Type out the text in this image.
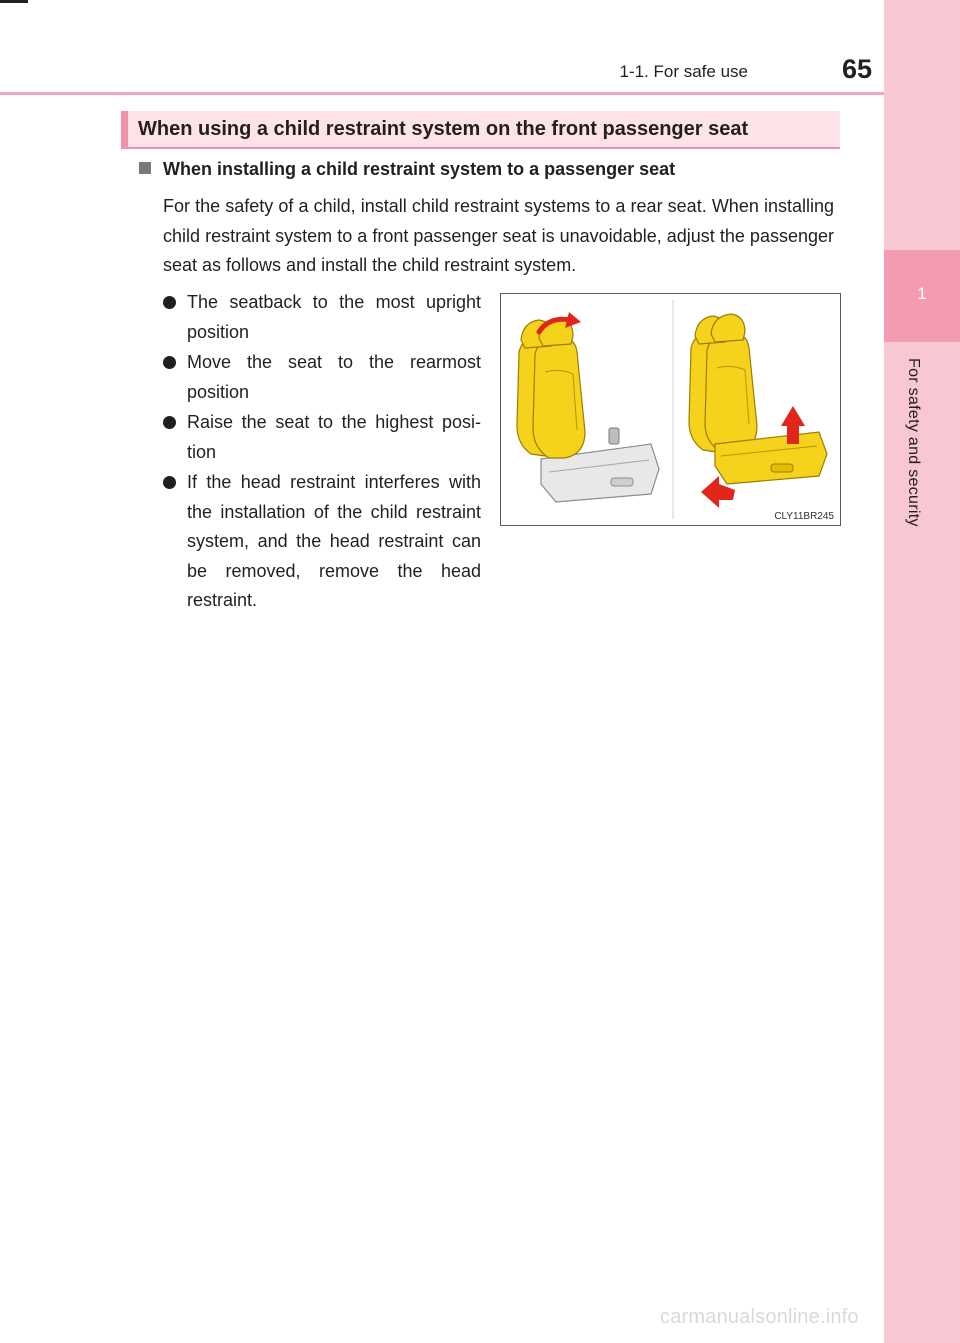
1-1. For safe use	65
1
For safety and security
When using a child restraint system on the front passenger seat
When installing a child restraint system to a passenger seat
For the safety of a child, install child restraint systems to a rear seat. When installing child restraint system to a front passenger seat is unavoidable, adjust the passenger seat as follows and install the child restraint system.
The seatback to the most upright position
Move the seat to the rearmost position
Raise the seat to the highest posi-tion
If the head restraint interferes with the installation of the child restraint system, and the head restraint can be removed, remove the head restraint.
CLY11BR245
carmanualsonline.info
